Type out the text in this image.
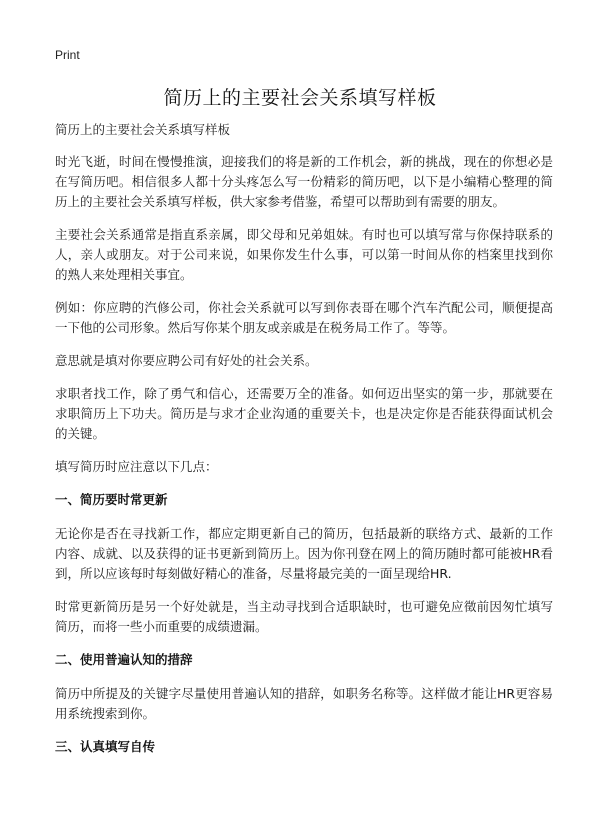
Print
简历上的主要社会关系填写样板

简历上的主要社会关系填写样板

时光飞逝，时间在慢慢推演，迎接我们的将是新的工作机会，新的挑战，现在的你想必是在写简历吧。相信很多人都十分头疼怎么写一份精彩的简历吧，以下是小编精心整理的简历上的主要社会关系填写样板，供大家参考借鉴，希望可以帮助到有需要的朋友。

主要社会关系通常是指直系亲属，即父母和兄弟姐妹。有时也可以填写常与你保持联系的人，亲人或朋友。对于公司来说，如果你发生什么事，可以第一时间从你的档案里找到你的熟人来处理相关事宜。

例如：你应聘的汽修公司，你社会关系就可以写到你表哥在哪个汽车汽配公司，顺便提高一下他的公司形象。然后写你某个朋友或亲戚是在税务局工作了。等等。

意思就是填对你要应聘公司有好处的社会关系。

求职者找工作，除了勇气和信心，还需要万全的准备。如何迈出坚实的第一步，那就要在求职简历上下功夫。简历是与求才企业沟通的重要关卡，也是决定你是否能获得面试机会的关键。

填写简历时应注意以下几点：

一、简历要时常更新

无论你是否在寻找新工作，都应定期更新自己的简历，包括最新的联络方式、最新的工作内容、成就、以及获得的证书更新到简历上。因为你刊登在网上的简历随时都可能被HR看到，所以应该每时每刻做好精心的准备，尽量将最完美的一面呈现给HR.

时常更新简历是另一个好处就是，当主动寻找到合适职缺时，也可避免应徵前因匆忙填写简历，而将一些小而重要的成绩遗漏。

二、使用普遍认知的措辞

简历中所提及的关键字尽量使用普遍认知的措辞，如职务名称等。这样做才能让HR更容易用系统搜索到你。

三、认真填写自传
